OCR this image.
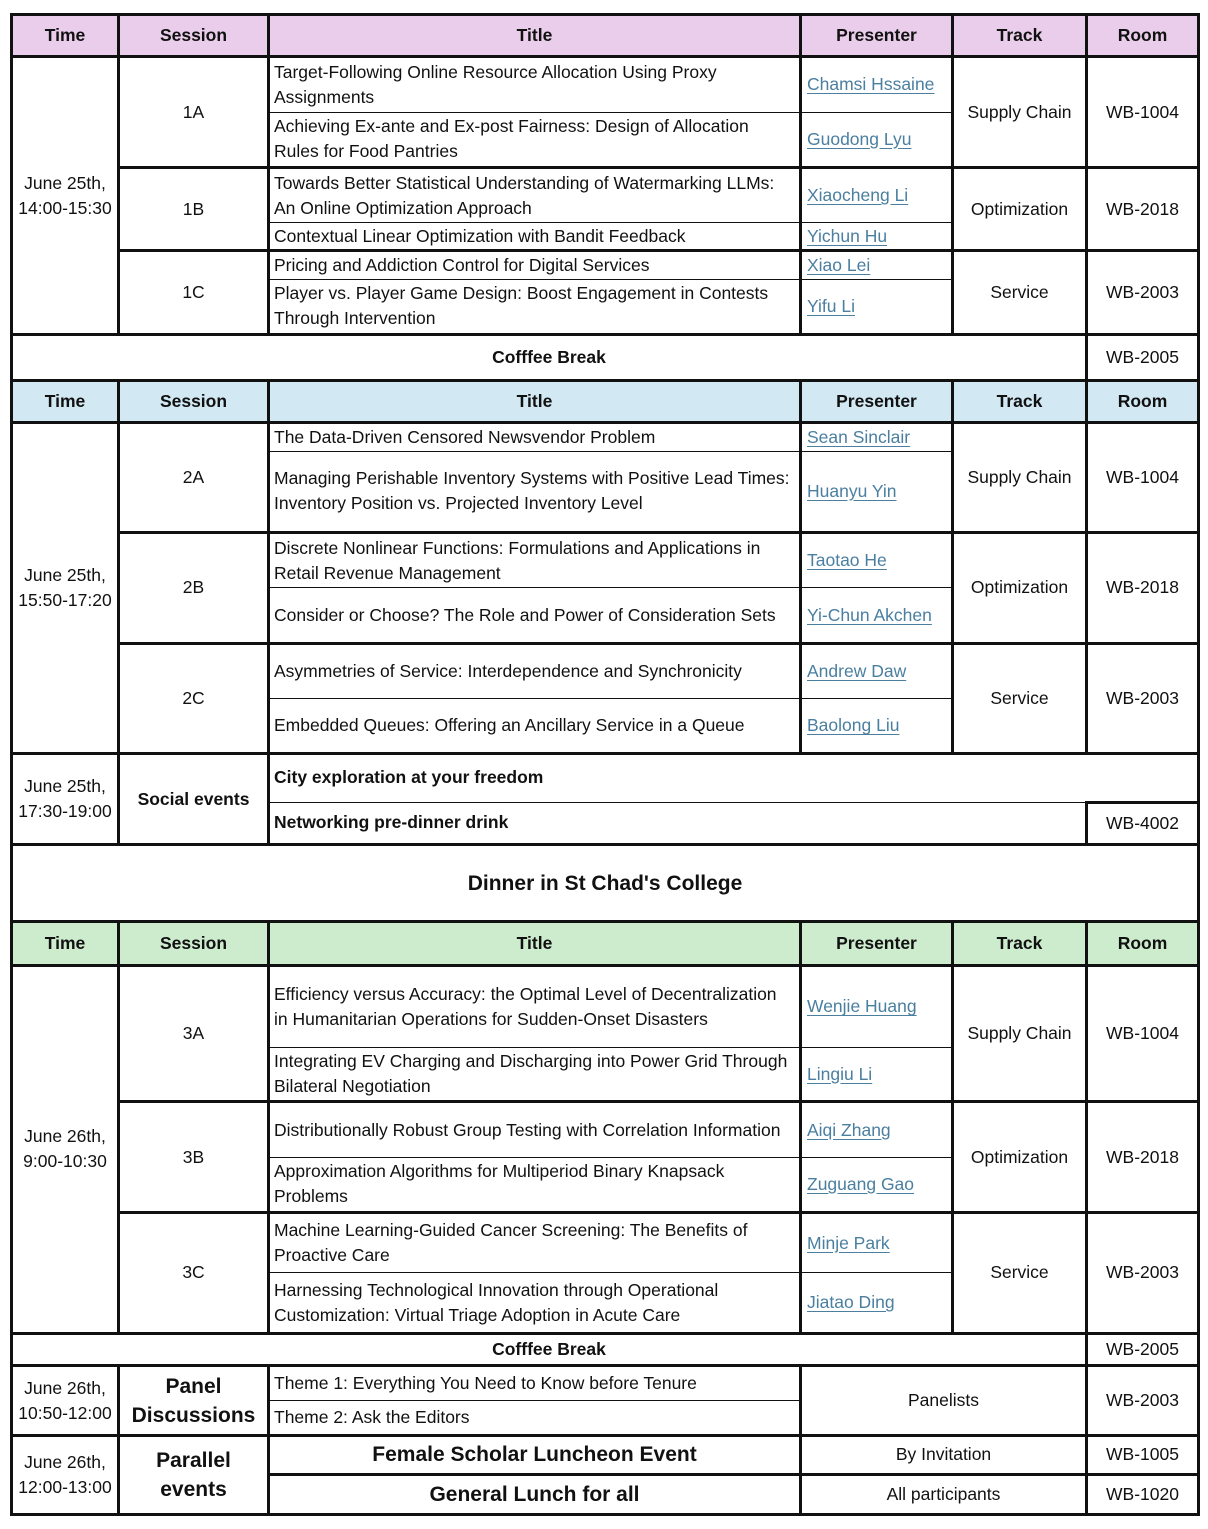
Time	Session	Title	Presenter	Track	Room
June 25th, 14:00-15:30	1A	Target-Following Online Resource Allocation Using Proxy Assignments	Chamsi Hssaine	Supply Chain	WB-1004
		Achieving Ex-ante and Ex-post Fairness: Design of Allocation Rules for Food Pantries	Guodong Lyu		
	1B	Towards Better Statistical Understanding of Watermarking LLMs: An Online Optimization Approach	Xiaocheng Li	Optimization	WB-2018
		Contextual Linear Optimization with Bandit Feedback	Yichun Hu		
	1C	Pricing and Addiction Control for Digital Services	Xiao Lei	Service	WB-2003
		Player vs. Player Game Design: Boost Engagement in Contests Through Intervention	Yifu Li		
Cofffee Break					WB-2005
Time	Session	Title	Presenter	Track	Room
June 25th, 15:50-17:20	2A	The Data-Driven Censored Newsvendor Problem	Sean Sinclair	Supply Chain	WB-1004
		Managing Perishable Inventory Systems with Positive Lead Times: Inventory Position vs. Projected Inventory Level	Huanyu Yin		
	2B	Discrete Nonlinear Functions: Formulations and Applications in Retail Revenue Management	Taotao He	Optimization	WB-2018
		Consider or Choose? The Role and Power of Consideration Sets	Yi-Chun Akchen		
	2C	Asymmetries of Service: Interdependence and Synchronicity	Andrew Daw	Service	WB-2003
		Embedded Queues: Offering an Ancillary Service in a Queue	Baolong Liu		
June 25th, 17:30-19:00	Social events	City exploration at your freedom			
		Networking pre-dinner drink			WB-4002
Dinner in St Chad's College					
Time	Session	Title	Presenter	Track	Room
June 26th, 9:00-10:30	3A	Efficiency versus Accuracy: the Optimal Level of Decentralization in Humanitarian Operations for Sudden-Onset Disasters	Wenjie Huang	Supply Chain	WB-1004
		Integrating EV Charging and Discharging into Power Grid Through Bilateral Negotiation	Lingiu Li		
	3B	Distributionally Robust Group Testing with Correlation Information	Aiqi Zhang	Optimization	WB-2018
		Approximation Algorithms for Multiperiod Binary Knapsack Problems	Zuguang Gao		
	3C	Machine Learning-Guided Cancer Screening: The Benefits of Proactive Care	Minje Park	Service	WB-2003
		Harnessing Technological Innovation through Operational Customization: Virtual Triage Adoption in Acute Care	Jiatao Ding		
Cofffee Break					WB-2005
June 26th, 10:50-12:00	Panel Discussions	Theme 1: Everything You Need to Know before Tenure	Panelists		WB-2003
		Theme 2: Ask the Editors			
June 26th, 12:00-13:00	Parallel events	Female Scholar Luncheon Event	By Invitation		WB-1005
		General Lunch for all	All participants		WB-1020
